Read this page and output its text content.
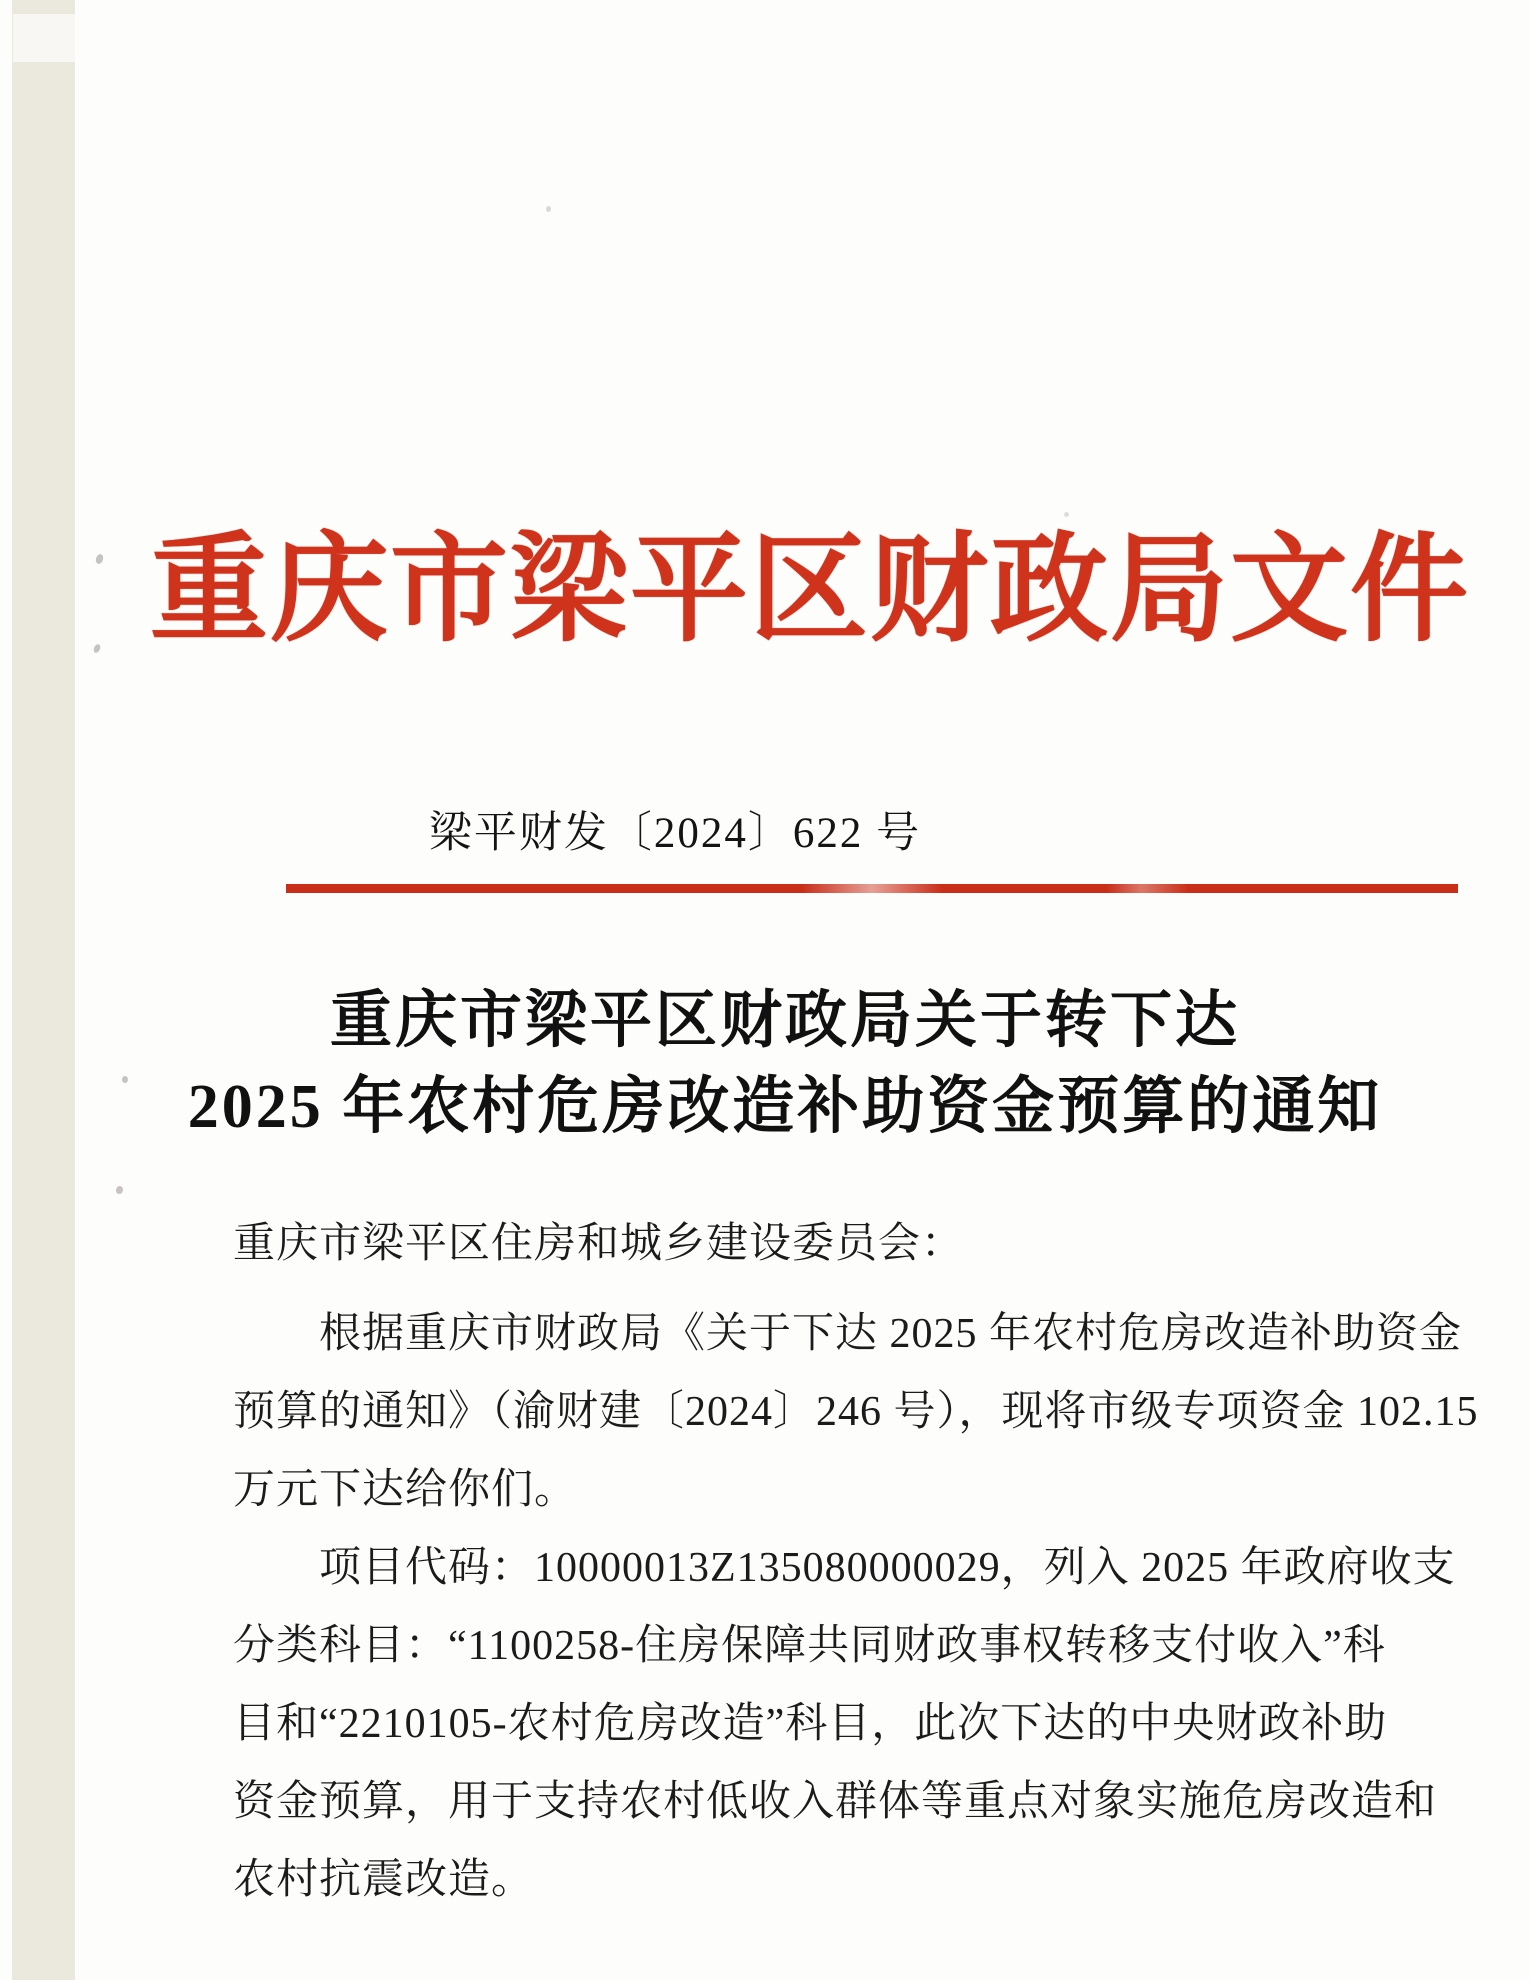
重庆市梁平区财政局文件
梁平财发〔2024〕622 号
重庆市梁平区财政局关于转下达
2025 年农村危房改造补助资金预算的通知
重庆市梁平区住房和城乡建设委员会：
根据重庆市财政局《关于下达 2025 年农村危房改造补助资金
预算的通知》（渝财建〔2024〕246 号），现将市级专项资金 102.15
万元下达给你们。
项目代码：10000013Z135080000029，列入 2025 年政府收支
分类科目：“1100258-住房保障共同财政事权转移支付收入”科
目和“2210105-农村危房改造”科目，此次下达的中央财政补助
资金预算，用于支持农村低收入群体等重点对象实施危房改造和
农村抗震改造。
